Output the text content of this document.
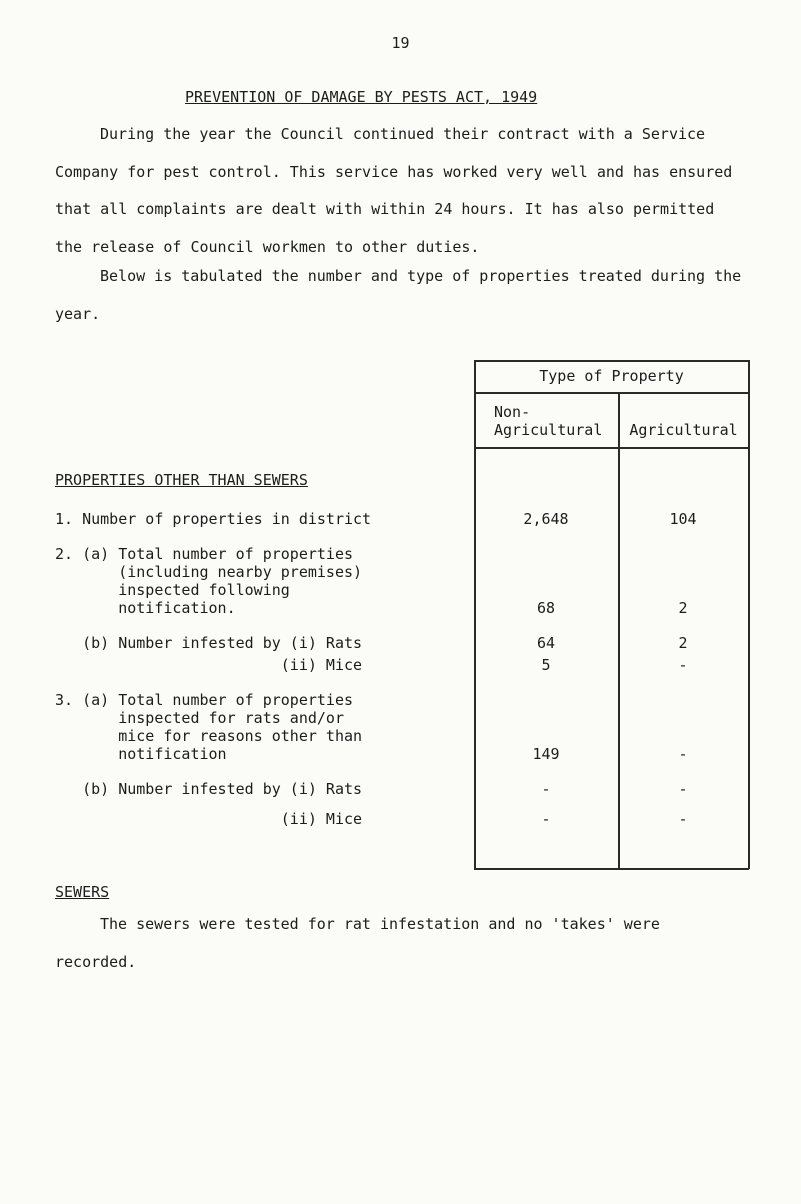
19
PREVENTION OF DAMAGE BY PESTS ACT, 1949
During the year the Council continued their contract with a Service
Company for pest control. This service has worked very well and has ensured
that all complaints are dealt with within 24 hours. It has also permitted
the release of Council workmen to other duties.
Below is tabulated the number and type of properties treated during the
year.
Type of Property
Non-
Agricultural	Agricultural
PROPERTIES OTHER THAN SEWERS
1. Number of properties in district	2,648	104
2. (a) Total number of properties
(including nearby premises)
inspected following
notification.	68	2
(b) Number infested by (i) Rats	64	2
(ii) Mice	5	-
3. (a) Total number of properties
inspected for rats and/or
mice for reasons other than
notification	149	-
(b) Number infested by (i) Rats	-	-
(ii) Mice	-	-
SEWERS
The sewers were tested for rat infestation and no 'takes' were
recorded.
